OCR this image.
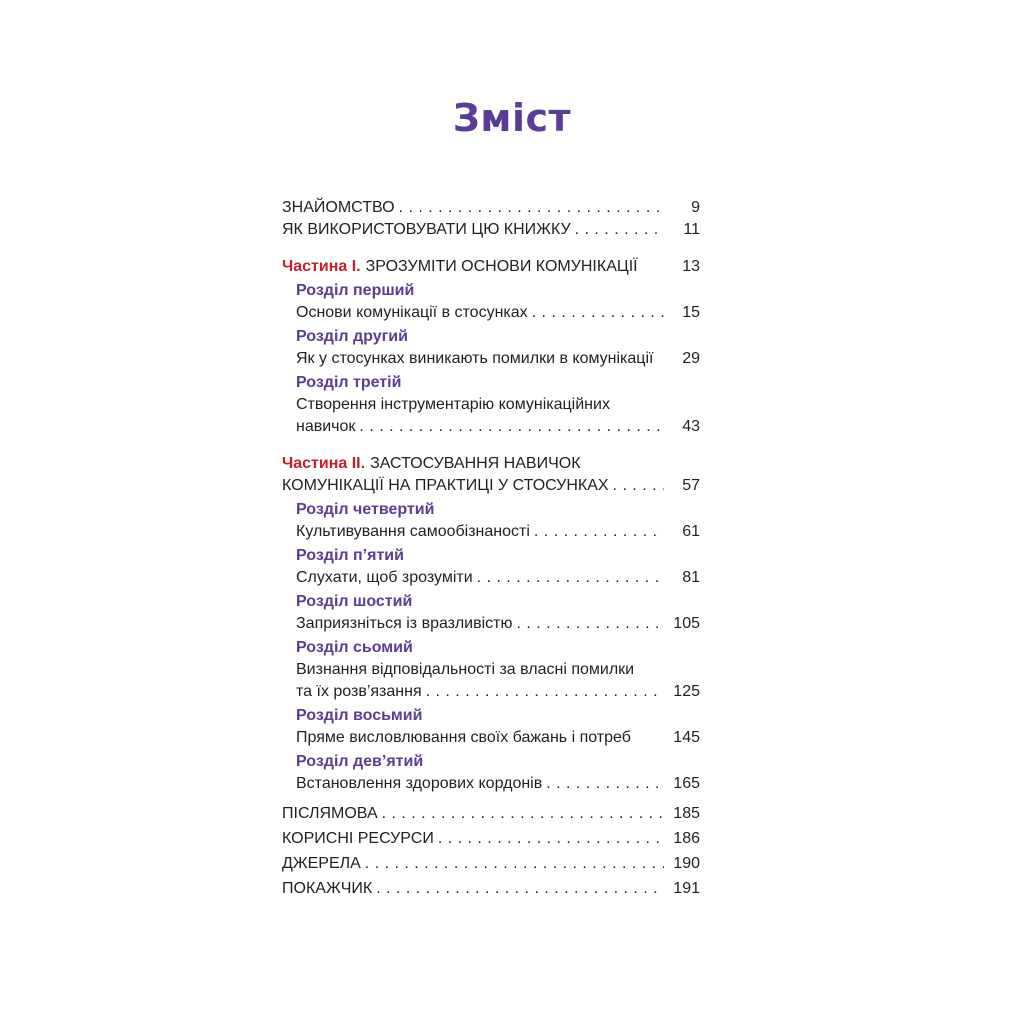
Зміст
ЗНАЙОМСТВО . . .	9
ЯК ВИКОРИСТОВУВАТИ ЦЮ КНИЖКУ . . .	11
Частина І. ЗРОЗУМІТИ ОСНОВИ КОМУНІКАЦІЇ	13
Розділ перший
Основи комунікації в стосунках . . .	15
Розділ другий
Як у стосунках виникають помилки в комунікації	29
Розділ третій
Створення інструментарію комунікаційних
навичок . . .	43
Частина ІІ. ЗАСТОСУВАННЯ НАВИЧОК
КОМУНІКАЦІЇ НА ПРАКТИЦІ У СТОСУНКАХ . . .	57
Розділ четвертий
Культивування самообізнаності . . .	61
Розділ п’ятий
Слухати, щоб зрозуміти . . .	81
Розділ шостий
Заприязніться із вразливістю . . .	105
Розділ сьомий
Визнання відповідальності за власні помилки
та їх розв’язання . . .	125
Розділ восьмий
Пряме висловлювання своїх бажань і потреб	145
Розділ дев’ятий
Встановлення здорових кордонів . . .	165
ПІСЛЯМОВА . . .	185
КОРИСНІ РЕСУРСИ . . .	186
ДЖЕРЕЛА . . .	190
ПОКАЖЧИК . . .	191
